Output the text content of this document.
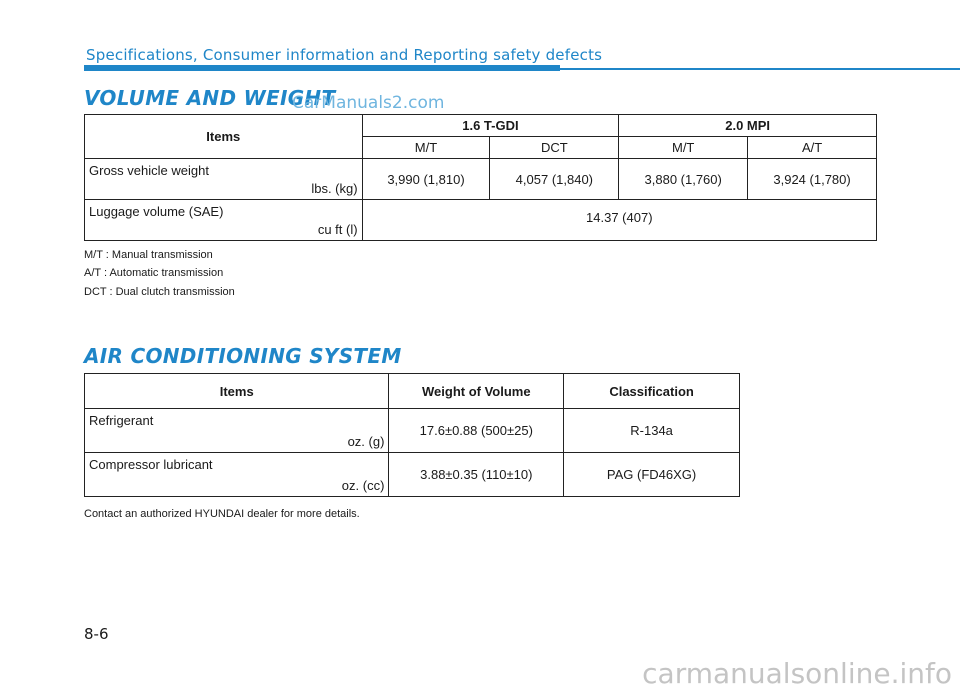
Specifications, Consumer information and Reporting safety defects
VOLUME AND WEIGHT
CarManuals2.com
Items	1.6 T-GDI		2.0 MPI	
	M/T	DCT	M/T	A/T

Gross vehicle weight
lbs. (kg)	3,990 (1,810)	4,057 (1,840)	3,880 (1,760)	3,924 (1,780)

Luggage volume (SAE)
cu ft (l)	14.37 (407)			
M/T : Manual transmission
A/T : Automatic transmission
DCT : Dual clutch transmission
AIR CONDITIONING SYSTEM
Items	Weight of Volume	Classification

Refrigerant
oz. (g)	17.6±0.88 (500±25)	R-134a

Compressor lubricant
oz. (cc)	3.88±0.35 (110±10)	PAG (FD46XG)
Contact an authorized HYUNDAI dealer for more details.
8-6
carmanualsonline.info
